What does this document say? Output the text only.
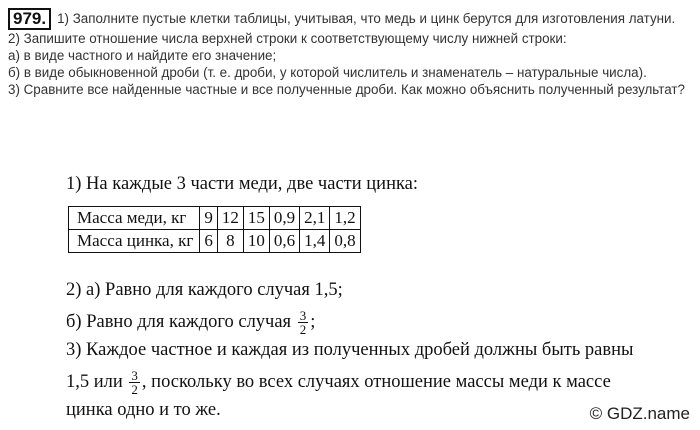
979. 1) Заполните пустые клетки таблицы, учитывая, что медь и цинк берутся для изготовления латуни.

2) Запишите отношение числа верхней строки к соответствующему числу нижней строки:

а) в виде частного и найдите его значение;

б) в виде обыкновенной дроби (т. е. дроби, у которой числитель и знаменатель – натуральные числа).

3) Сравните все найденные частные и все полученные дроби. Как можно объяснить полученный результат?

1) На каждые 3 части меди, две части цинка:
2) а) Равно для каждого случая 1,5;
б) Равно для каждого случая $\frac{3}{2}$ ;
3) Каждое частное и каждая из полученных дробей должны быть равны
1,5 или $\frac{3}{2}$ , поскольку во всех случаях отношение массы меди к массе
цинка одно и то же.
Масса меди, кг	9	12	15	0,9	2,1	1,2
Масса цинка, кг	6	8	10	0,6	1,4	0,8
© GDZ.name
